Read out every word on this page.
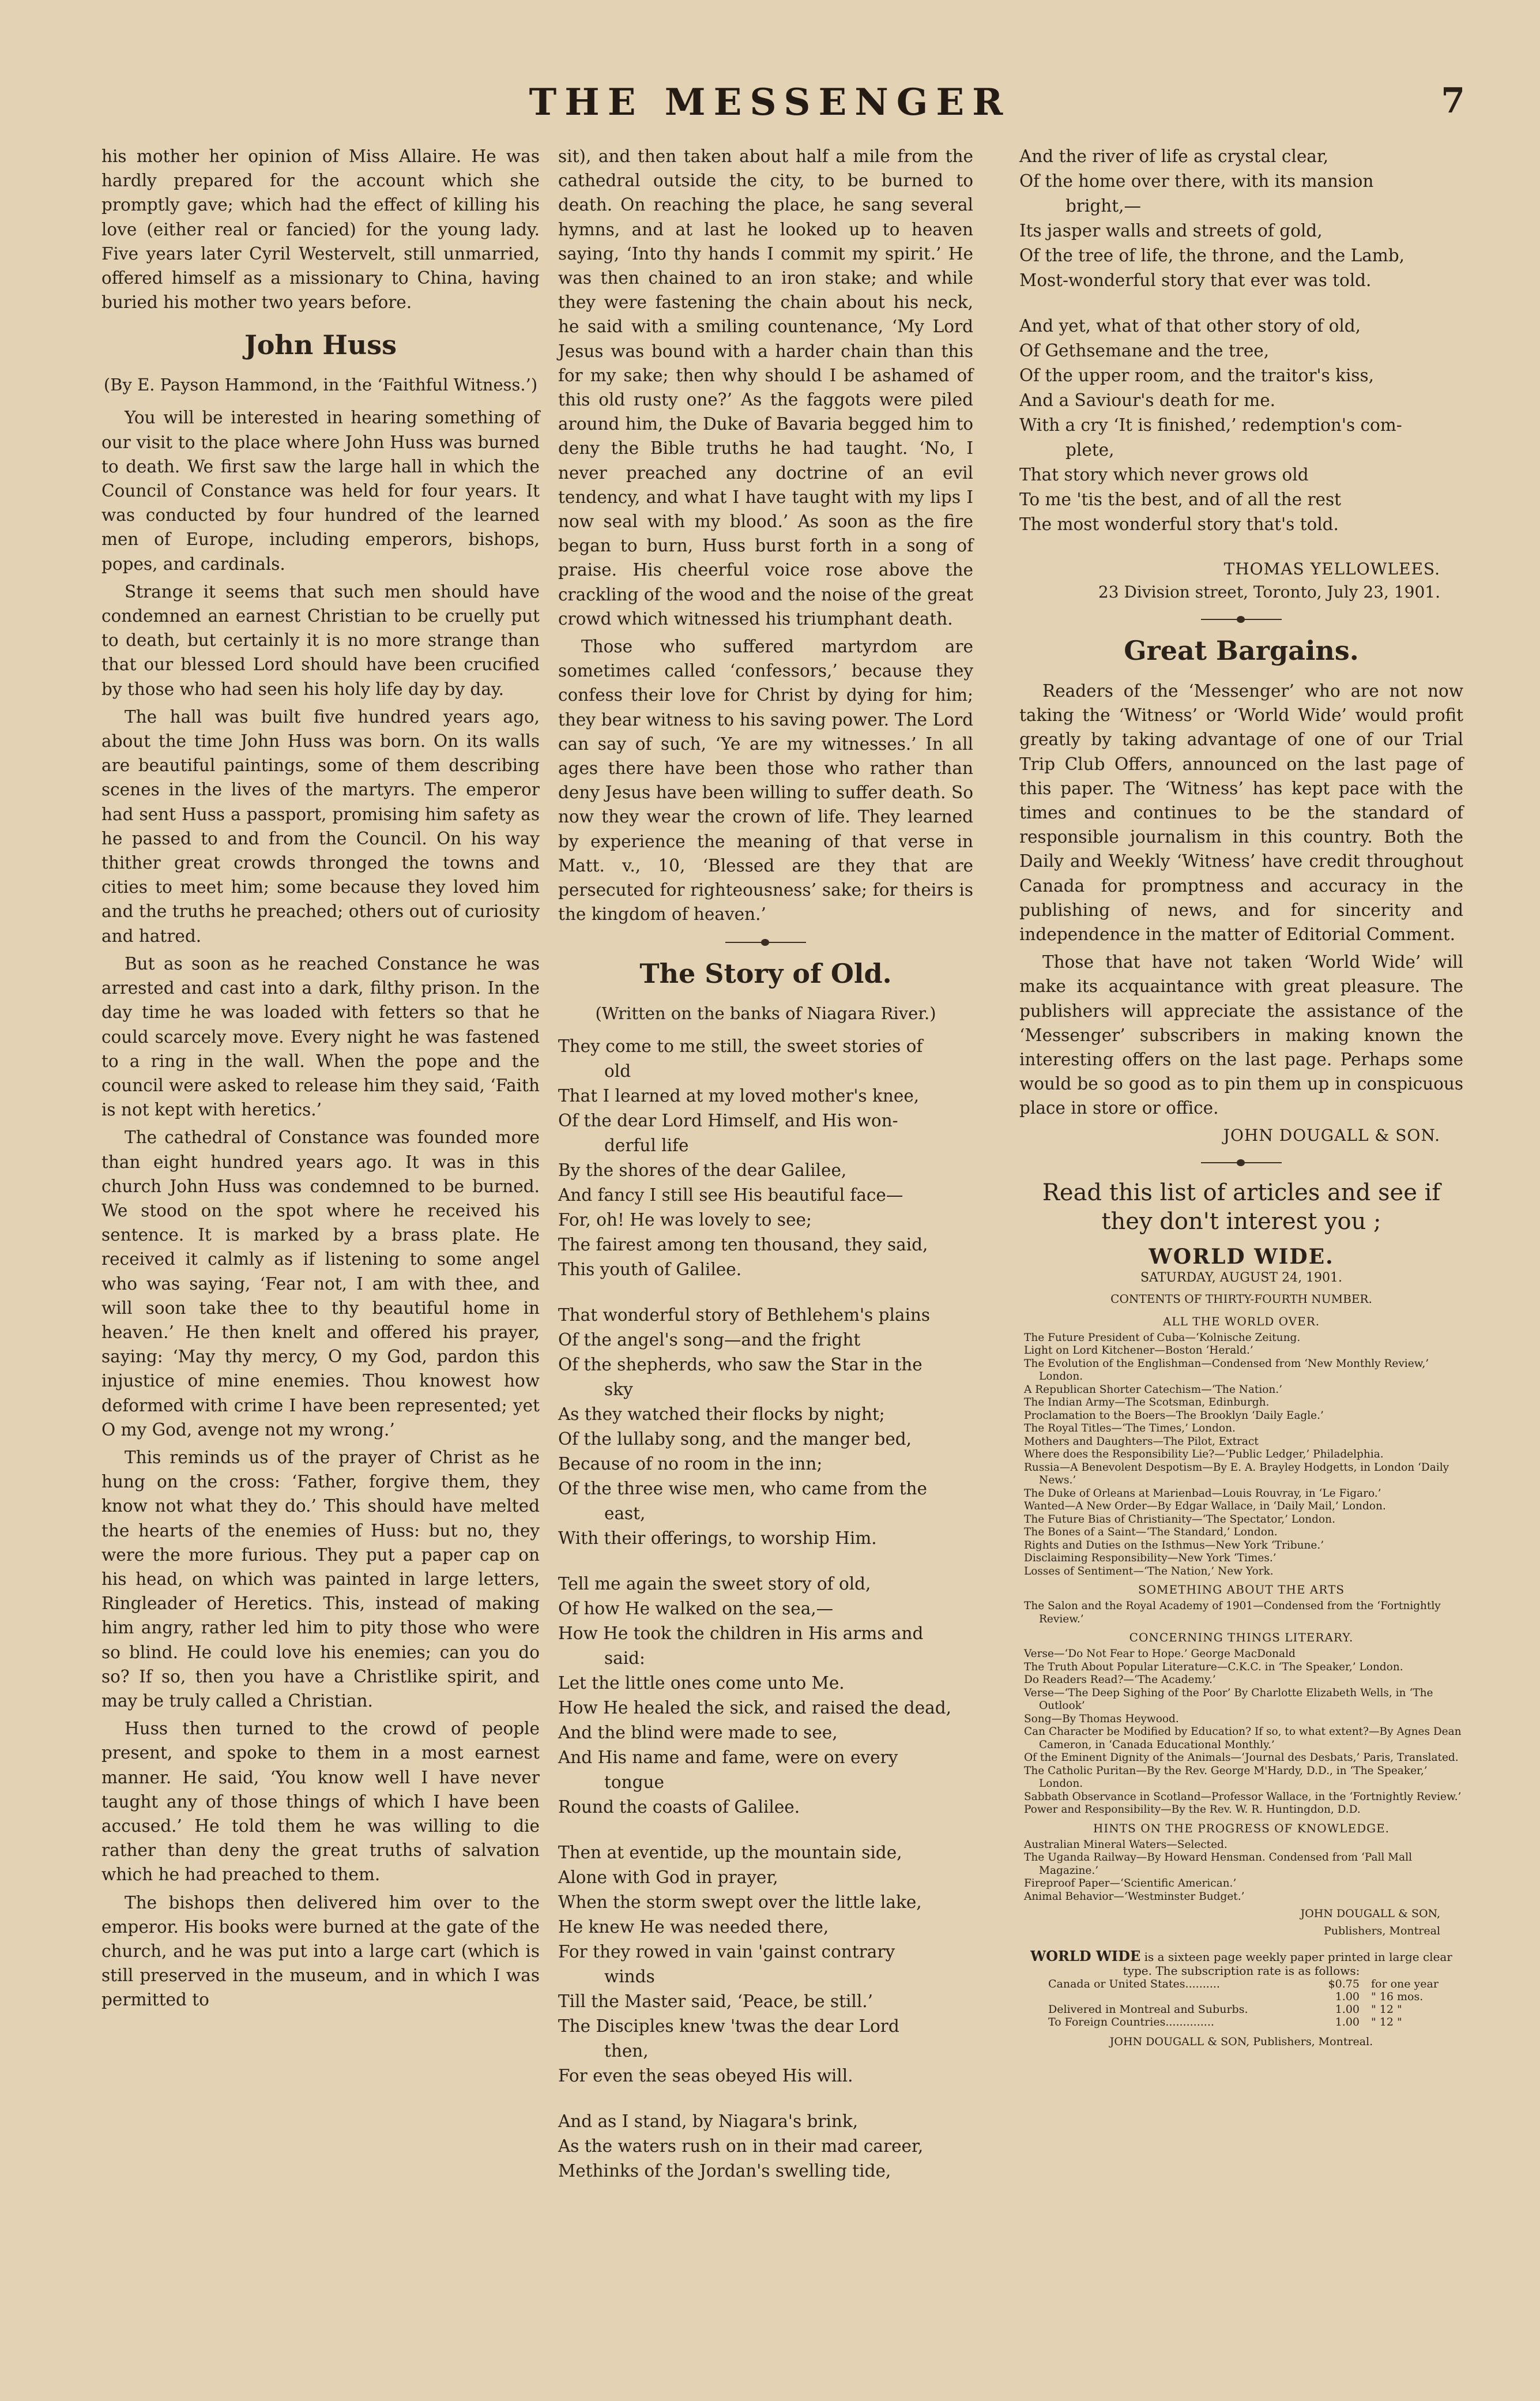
THE MESSENGER	7

his mother her opinion of Miss Allaire. He was hardly prepared for the account which she promptly gave; which had the effect of killing his love (either real or fancied) for the young lady. Five years later Cyril Westervelt, still unmarried, offered himself as a missionary to China, having buried his mother two years before.

John Huss

(By E. Payson Hammond, in the ‘Faithful Witness.’)

You will be interested in hearing something of our visit to the place where John Huss was burned to death. We first saw the large hall in which the Council of Constance was held for four years. It was conducted by four hundred of the learned men of Europe, including emperors, bishops, popes, and cardinals.

Strange it seems that such men should have condemned an earnest Christian to be cruelly put to death, but certainly it is no more strange than that our blessed Lord should have been crucified by those who had seen his holy life day by day.

The hall was built five hundred years ago, about the time John Huss was born. On its walls are beautiful paintings, some of them describing scenes in the lives of the martyrs. The emperor had sent Huss a passport, promising him safety as he passed to and from the Council. On his way thither great crowds thronged the towns and cities to meet him; some because they loved him and the truths he preached; others out of curiosity and hatred.

But as soon as he reached Constance he was arrested and cast into a dark, filthy prison. In the day time he was loaded with fetters so that he could scarcely move. Every night he was fastened to a ring in the wall. When the pope and the council were asked to release him they said, ‘Faith is not kept with heretics.’

The cathedral of Constance was founded more than eight hundred years ago. It was in this church John Huss was condemned to be burned. We stood on the spot where he received his sentence. It is marked by a brass plate. He received it calmly as if listening to some angel who was saying, ‘Fear not, I am with thee, and will soon take thee to thy beautiful home in heaven.’ He then knelt and offered his prayer, saying: ‘May thy mercy, O my God, pardon this injustice of mine enemies. Thou knowest how deformed with crime I have been represented; yet O my God, avenge not my wrong.’

This reminds us of the prayer of Christ as he hung on the cross: ‘Father, forgive them, they know not what they do.’ This should have melted the hearts of the enemies of Huss: but no, they were the more furious. They put a paper cap on his head, on which was painted in large letters, Ringleader of Heretics. This, instead of making him angry, rather led him to pity those who were so blind. He could love his enemies; can you do so? If so, then you have a Christlike spirit, and may be truly called a Christian.

Huss then turned to the crowd of people present, and spoke to them in a most earnest manner. He said, ‘You know well I have never taught any of those things of which I have been accused.’ He told them he was willing to die rather than deny the great truths of salvation which he had preached to them.

The bishops then delivered him over to the emperor. His books were burned at the gate of the church, and he was put into a large cart (which is still preserved in the museum, and in which I was permitted to

sit), and then taken about half a mile from the cathedral outside the city, to be burned to death. On reaching the place, he sang several hymns, and at last he looked up to heaven saying, ‘Into thy hands I commit my spirit.’ He was then chained to an iron stake; and while they were fastening the chain about his neck, he said with a smiling countenance, ‘My Lord Jesus was bound with a harder chain than this for my sake; then why should I be ashamed of this old rusty one?’ As the faggots were piled around him, the Duke of Bavaria begged him to deny the Bible truths he had taught. ‘No, I never preached any doctrine of an evil tendency, and what I have taught with my lips I now seal with my blood.’ As soon as the fire began to burn, Huss burst forth in a song of praise. His cheerful voice rose above the crackling of the wood and the noise of the great crowd which witnessed his triumphant death.

Those who suffered martyrdom are sometimes called ‘confessors,’ because they confess their love for Christ by dying for him; they bear witness to his saving power. The Lord can say of such, ‘Ye are my witnesses.’ In all ages there have been those who rather than deny Jesus have been willing to suffer death. So now they wear the crown of life. They learned by experience the meaning of that verse in Matt. v., 10, ‘Blessed are they that are persecuted for righteousness’ sake; for theirs is the kingdom of heaven.’

The Story of Old.

(Written on the banks of Niagara River.)

They come to me still, the sweet stories of
old
That I learned at my loved mother's knee,
Of the dear Lord Himself, and His won-
derful life
By the shores of the dear Galilee,
And fancy I still see His beautiful face—
For, oh! He was lovely to see;
The fairest among ten thousand, they said,
This youth of Galilee.
That wonderful story of Bethlehem's plains
Of the angel's song—and the fright
Of the shepherds, who saw the Star in the
sky
As they watched their flocks by night;
Of the lullaby song, and the manger bed,
Because of no room in the inn;
Of the three wise men, who came from the
east,
With their offerings, to worship Him.
Tell me again the sweet story of old,
Of how He walked on the sea,—
How He took the children in His arms and
said:
Let the little ones come unto Me.
How He healed the sick, and raised the dead,
And the blind were made to see,
And His name and fame, were on every
tongue
Round the coasts of Galilee.
Then at eventide, up the mountain side,
Alone with God in prayer,
When the storm swept over the little lake,
He knew He was needed there,
For they rowed in vain 'gainst contrary
winds
Till the Master said, ‘Peace, be still.’
The Disciples knew 'twas the dear Lord
then,
For even the seas obeyed His will.
And as I stand, by Niagara's brink,
As the waters rush on in their mad career,
Methinks of the Jordan's swelling tide,
And the river of life as crystal clear,
Of the home over there, with its mansion
bright,—
Its jasper walls and streets of gold,
Of the tree of life, the throne, and the Lamb,
Most-wonderful story that ever was told.
And yet, what of that other story of old,
Of Gethsemane and the tree,
Of the upper room, and the traitor's kiss,
And a Saviour's death for me.
With a cry ‘It is finished,’ redemption's com-
plete,
That story which never grows old
To me 'tis the best, and of all the rest
The most wonderful story that's told.
THOMAS YELLOWLEES.
23 Division street, Toronto, July 23, 1901.
Great Bargains.

Readers of the ‘Messenger’ who are not now taking the ‘Witness’ or ‘World Wide’ would profit greatly by taking advantage of one of our Trial Trip Club Offers, announced on the last page of this paper. The ‘Witness’ has kept pace with the times and continues to be the standard of responsible journalism in this country. Both the Daily and Weekly ‘Witness’ have credit throughout Canada for promptness and accuracy in the publishing of news, and for sincerity and independence in the matter of Editorial Comment.

Those that have not taken ‘World Wide’ will make its acquaintance with great pleasure. The publishers will appreciate the assistance of the ‘Messenger’ subscribers in making known the interesting offers on the last page. Perhaps some would be so good as to pin them up in conspicuous place in store or office.

JOHN DOUGALL & SON.
Read this list of articles and see if they don't interest you ;
WORLD WIDE.
SATURDAY, AUGUST 24, 1901.
CONTENTS OF THIRTY-FOURTH NUMBER.
ALL THE WORLD OVER.
The Future President of Cuba—‘Kolnische Zeitung.
Light on Lord Kitchener—Boston ‘Herald.’
The Evolution of the Englishman—Condensed from ‘New Monthly Review,’ London.
A Republican Shorter Catechism—‘The Nation.’
The Indian Army—The Scotsman, Edinburgh.
Proclamation to the Boers—The Brooklyn ‘Daily Eagle.’
The Royal Titles—‘The Times,’ London.
Mothers and Daughters—The Pilot, Extract
Where does the Responsibility Lie?—‘Public Ledger,’ Philadelphia.
Russia—A Benevolent Despotism—By E. A. Brayley Hodgetts, in London ‘Daily News.’
The Duke of Orleans at Marienbad—Louis Rouvray, in ‘Le Figaro.’
Wanted—A New Order—By Edgar Wallace, in ‘Daily Mail,’ London.
The Future Bias of Christianity—‘The Spectator,’ London.
The Bones of a Saint—‘The Standard,’ London.
Rights and Duties on the Isthmus—New York ‘Tribune.’
Disclaiming Responsibility—New York ‘Times.’
Losses of Sentiment—‘The Nation,’ New York.
SOMETHING ABOUT THE ARTS
The Salon and the Royal Academy of 1901—Condensed from the ‘Fortnightly Review.’
CONCERNING THINGS LITERARY.
Verse—‘Do Not Fear to Hope.’ George MacDonald
The Truth About Popular Literature—C.K.C. in ‘The Speaker,’ London.
Do Readers Read?—‘The Academy.’
Verse—‘The Deep Sighing of the Poor’ By Charlotte Elizabeth Wells, in ‘The Outlook’
Song—By Thomas Heywood.
Can Character be Modified by Education? If so, to what extent?—By Agnes Dean Cameron, in ‘Canada Educational Monthly.’
Of the Eminent Dignity of the Animals—‘Journal des Desbats,’ Paris, Translated.
The Catholic Puritan—By the Rev. George M'Hardy, D.D., in ‘The Speaker,’ London.
Sabbath Observance in Scotland—Professor Wallace, in the ‘Fortnightly Review.’
Power and Responsibility—By the Rev. W. R. Huntingdon, D.D.
HINTS ON THE PROGRESS OF KNOWLEDGE.
Australian Mineral Waters—Selected.
The Uganda Railway—By Howard Hensman. Condensed from ‘Pall Mall Magazine.’
Fireproof Paper—‘Scientific American.’
Animal Behavior—‘Westminster Budget.’
JOHN DOUGALL & SON,
Publishers, Montreal
WORLD WIDE is a sixteen page weekly paper printed in large clear type. The subscription rate is as follows:
Canada or United States..........	$0.75	for one year
1.00	" 16 mos.
Delivered in Montreal and Suburbs.	1.00	" 12 "
To Foreign Countries..............	1.00	" 12 "
JOHN DOUGALL & SON, Publishers, Montreal.
